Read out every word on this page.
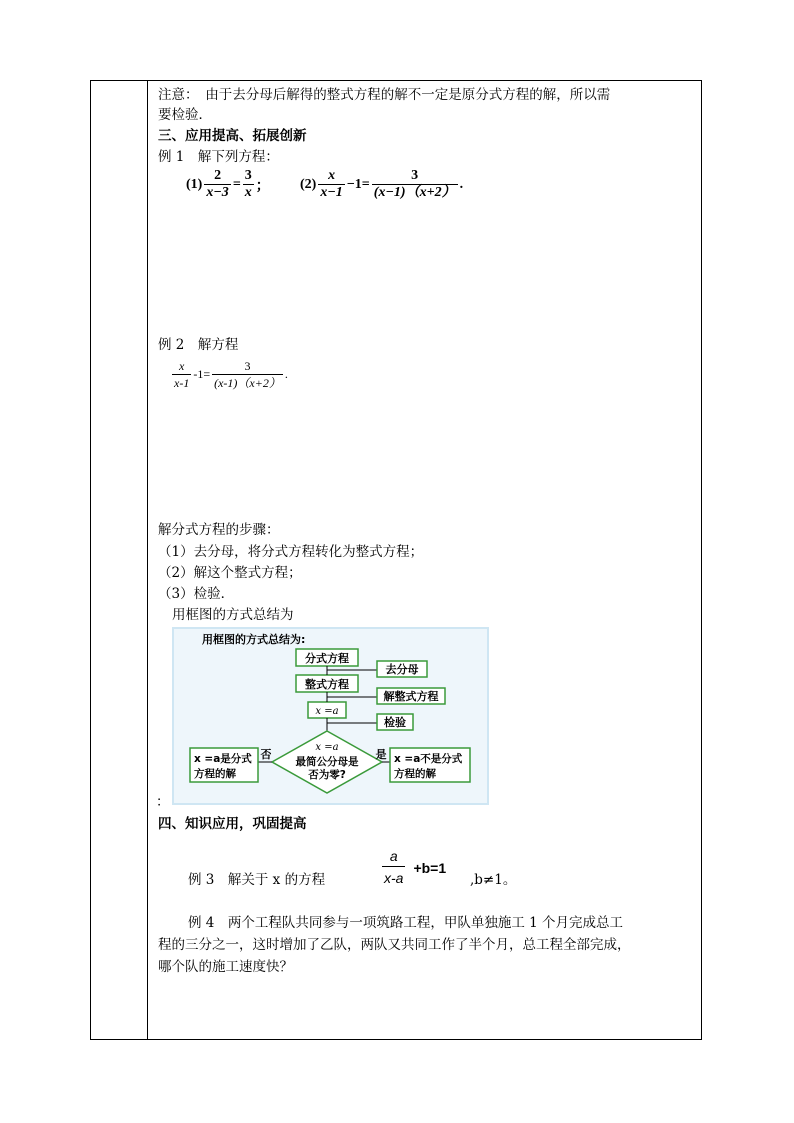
注意：　由于去分母后解得的整式方程的解不一定是原分式方程的解，所以需
要检验．
三、应用提高、拓展创新
例 1　解下列方程：
$(1) \frac{2}{x-3} = \frac{3}{x}$ ； $(2) \frac{x}{x-1} -1= \frac{3}{(x-1)(x+2)}$ .
例 2　解方程
$\frac{x}{x-1} -1= \frac{3}{(x-1)(x+2)}$ .
解分式方程的步骤：
（1）去分母，将分式方程转化为整式方程；
（2）解这个整式方程；
（3）检验．
用框图的方式总结为
用框图的方式总结为:
分式方程
整式方程
x =a
去分母
解整式方程
检验
x =a
最简公分母是
否为零?
否
x =a是分式
方程的解
是 x =a不是分式
方程的解
：
四、知识应用，巩固提高
例 3　解关于 x 的方程	$\frac{a}{x-a} +b=1$
,b≠1。
例 4　两个工程队共同参与一项筑路工程，甲队单独施工 1 个月完成总工
程的三分之一，这时增加了乙队，两队又共同工作了半个月，总工程全部完成，
哪个队的施工速度快？
